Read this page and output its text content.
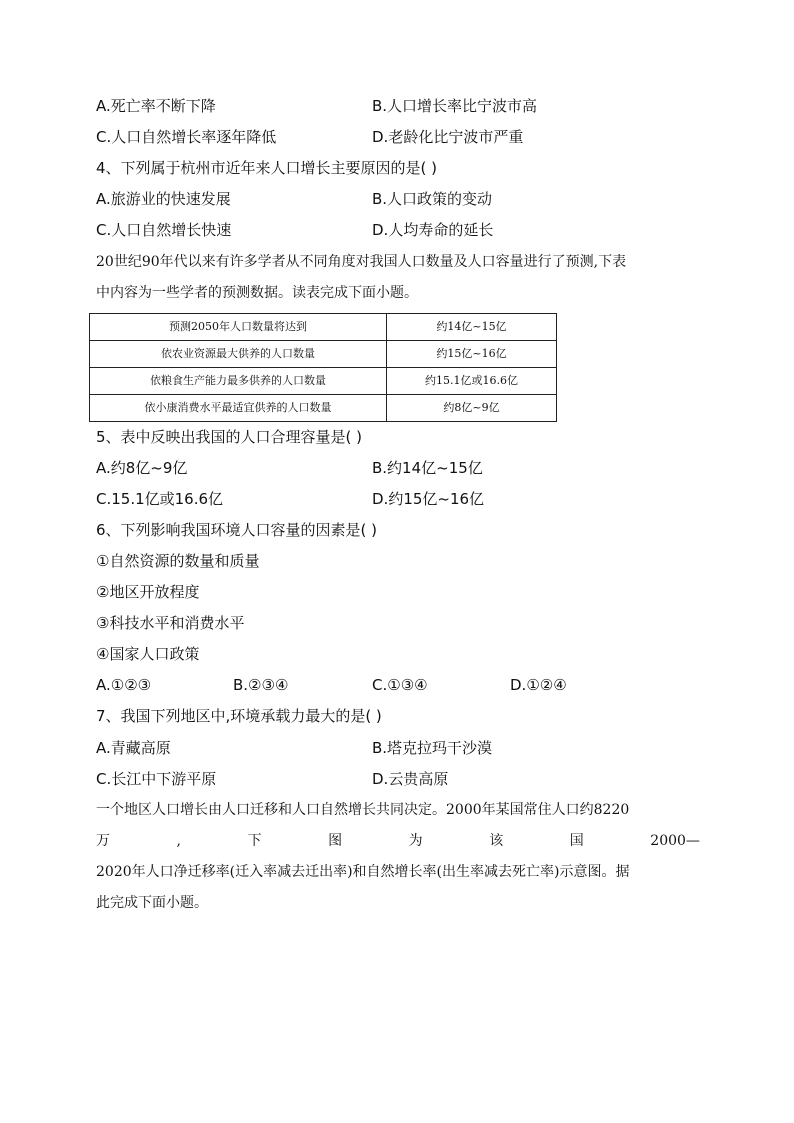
A.死亡率不断下降	B.人口增长率比宁波市高
C.人口自然增长率逐年降低	D.老龄化比宁波市严重
4、下列属于杭州市近年来人口增长主要原因的是( )
A.旅游业的快速发展	B.人口政策的变动
C.人口自然增长快速	D.人均寿命的延长
20世纪90年代以来有许多学者从不同角度对我国人口数量及人口容量进行了预测,下表
中内容为一些学者的预测数据。读表完成下面小题。
预测2050年人口数量将达到	约14亿~15亿
依农业资源最大供养的人口数量	约15亿~16亿
依粮食生产能力最多供养的人口数量	约15.1亿或16.6亿
依小康消费水平最适宜供养的人口数量	约8亿~9亿
5、表中反映出我国的人口合理容量是( )
A.约8亿~9亿	B.约14亿~15亿
C.15.1亿或16.6亿	D.约15亿~16亿
6、下列影响我国环境人口容量的因素是( )
①自然资源的数量和质量
②地区开放程度
③科技水平和消费水平
④国家人口政策
A.①②③	B.②③④	C.①③④	D.①②④
7、我国下列地区中,环境承载力最大的是( )
A.青藏高原	B.塔克拉玛干沙漠
C.长江中下游平原	D.云贵高原
一个地区人口增长由人口迁移和人口自然增长共同决定。2000年某国常住人口约8220
万	,	下	图	为	该	国	2000—
2020年人口净迁移率(迁入率减去迁出率)和自然增长率(出生率减去死亡率)示意图。据
此完成下面小题。
